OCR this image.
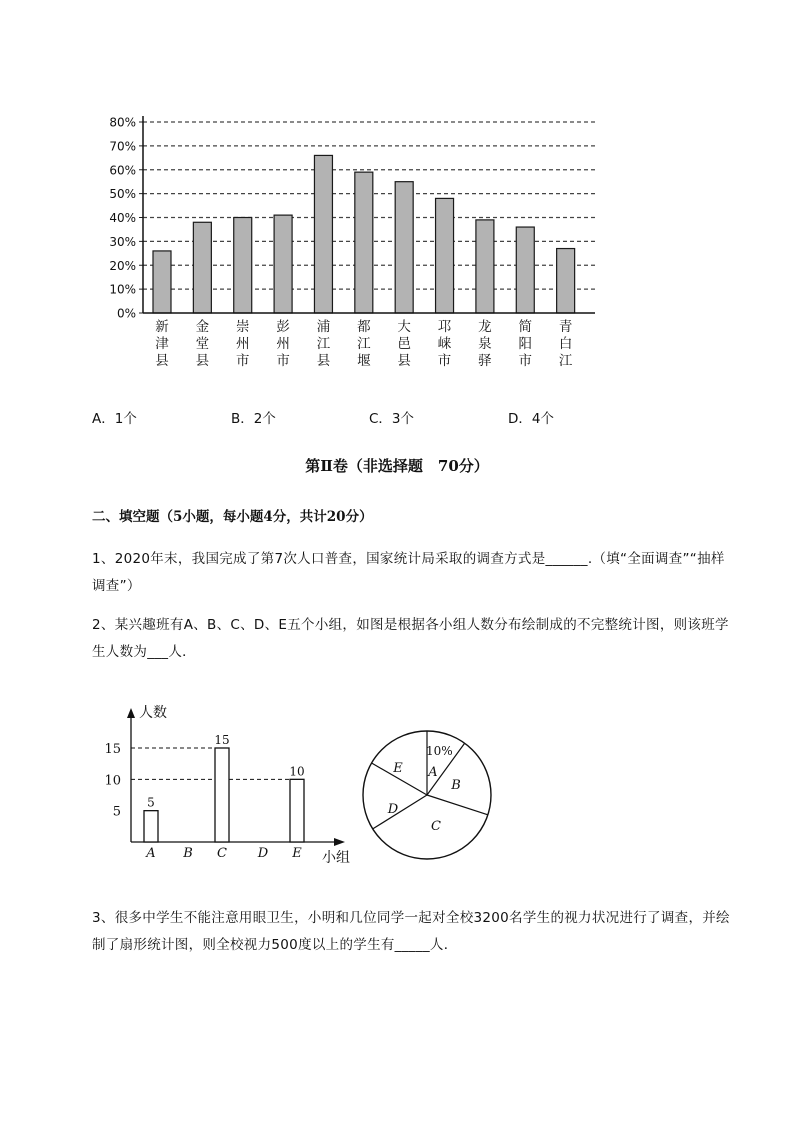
80%
70%
60%
50%
40%
30%
20%
10%
0%
新
津
县
金
堂
县
崇
州
市
彭
州
市
浦
江
县
都
江
堰
大
邑
县
邛
崃
市
龙
泉
驿
简
阳
市
青
白
江
A．1个	B．2个	C．3个	D．4个
第Ⅱ卷（非选择题　70分）
二、填空题（5小题，每小题4分，共计20分）
1、2020年末，我国完成了第7次人口普查，国家统计局采取的调查方式是______.（填“全面调查”“抽样调查”）
2、某兴趣班有A、B、C、D、E五个小组，如图是根据各小组人数分布绘制成的不完整统计图，则该班学生人数为___人．
人数
小组
15
10
5
5
A B
15
C D
10
E
10%
A
B
C
D
E
3、很多中学生不能注意用眼卫生，小明和几位同学一起对全校3200名学生的视力状况进行了调查，并绘制了扇形统计图，则全校视力500度以上的学生有_____人．
